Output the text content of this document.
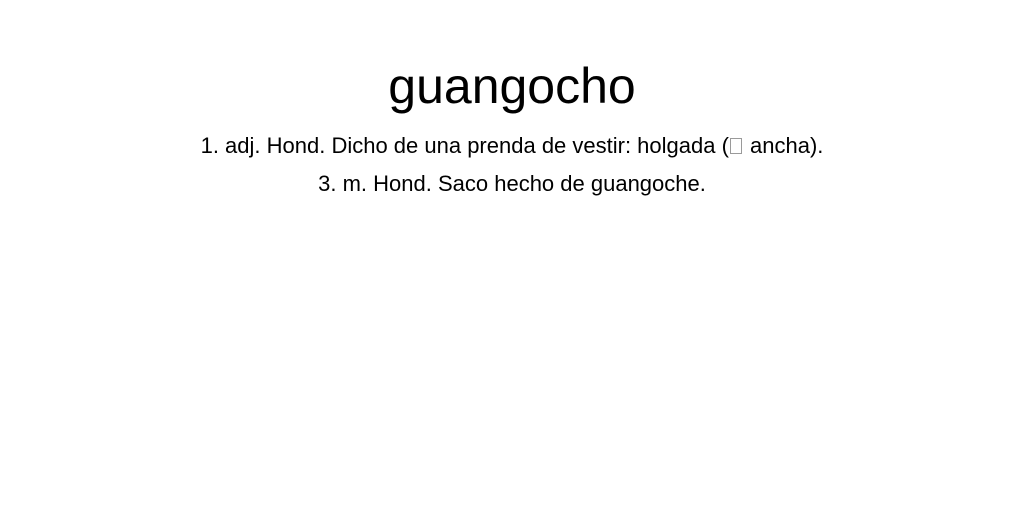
guangocho
1. adj. Hond. Dicho de una prenda de vestir: holgada ( ancha).
3. m. Hond. Saco hecho de guangoche.
